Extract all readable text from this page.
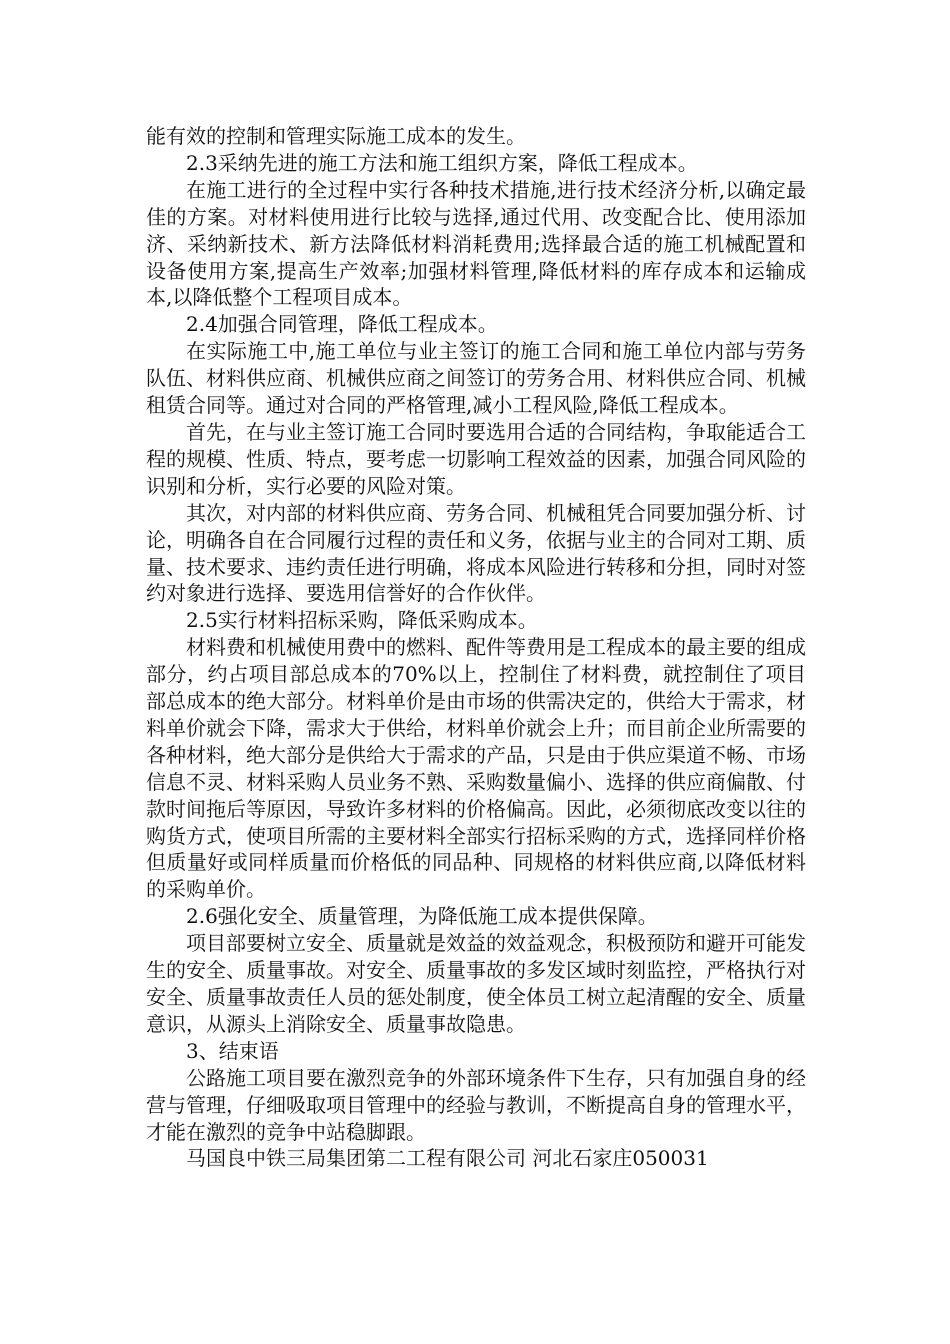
能有效的控制和管理实际施工成本的发生。

2.3采纳先进的施工方法和施工组织方案，降低工程成本。

在施工进行的全过程中实行各种技术措施,进行技术经济分析,以确定最佳的方案。对材料使用进行比较与选择,通过代用、改变配合比、使用添加济、采纳新技术、新方法降低材料消耗费用;选择最合适的施工机械配置和设备使用方案,提高生产效率;加强材料管理,降低材料的库存成本和运输成本,以降低整个工程项目成本。

2.4加强合同管理，降低工程成本。

在实际施工中,施工单位与业主签订的施工合同和施工单位内部与劳务队伍、材料供应商、机械供应商之间签订的劳务合用、材料供应合同、机械租赁合同等。通过对合同的严格管理,减小工程风险,降低工程成本。

首先，在与业主签订施工合同时要选用合适的合同结构，争取能适合工程的规模、性质、特点，要考虑一切影响工程效益的因素，加强合同风险的识别和分析，实行必要的风险对策。

其次，对内部的材料供应商、劳务合同、机械租凭合同要加强分析、讨论，明确各自在合同履行过程的责任和义务，依据与业主的合同对工期、质量、技术要求、违约责任进行明确，将成本风险进行转移和分担，同时对签约对象进行选择、要选用信誉好的合作伙伴。

2.5实行材料招标采购，降低采购成本。

材料费和机械使用费中的燃料、配件等费用是工程成本的最主要的组成部分，约占项目部总成本的70%以上，控制住了材料费，就控制住了项目部总成本的绝大部分。材料单价是由市场的供需决定的，供给大于需求，材料单价就会下降，需求大于供给，材料单价就会上升；而目前企业所需要的各种材料，绝大部分是供给大于需求的产品，只是由于供应渠道不畅、市场信息不灵、材料采购人员业务不熟、采购数量偏小、选择的供应商偏散、付款时间拖后等原因，导致许多材料的价格偏高。因此，必须彻底改变以往的购货方式，使项目所需的主要材料全部实行招标采购的方式，选择同样价格但质量好或同样质量而价格低的同品种、同规格的材料供应商,以降低材料的采购单价。

2.6强化安全、质量管理，为降低施工成本提供保障。

项目部要树立安全、质量就是效益的效益观念，积极预防和避开可能发生的安全、质量事故。对安全、质量事故的多发区域时刻监控，严格执行对安全、质量事故责任人员的惩处制度，使全体员工树立起清醒的安全、质量意识，从源头上消除安全、质量事故隐患。

3、结束语

公路施工项目要在激烈竞争的外部环境条件下生存，只有加强自身的经营与管理，仔细吸取项目管理中的经验与教训，不断提高自身的管理水平，才能在激烈的竞争中站稳脚跟。

马国良中铁三局集团第二工程有限公司 河北石家庄050031
